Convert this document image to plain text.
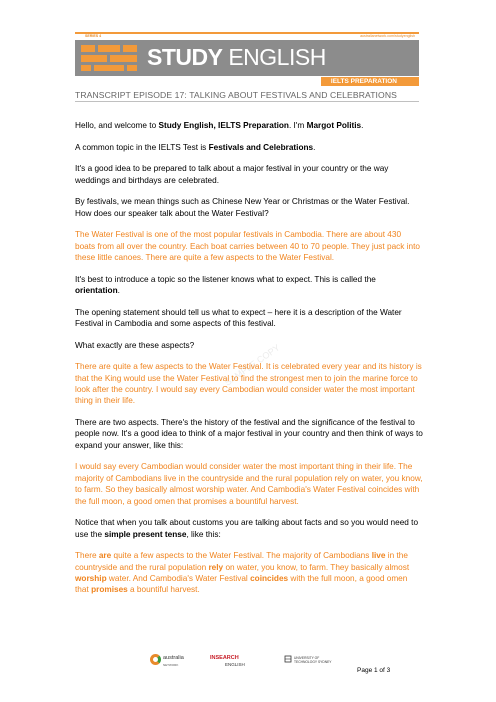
SERIES 4	australianetwork.com/studyenglish
STUDY ENGLISH
IELTS PREPARATION
TRANSCRIPT EPISODE 17: TALKING ABOUT FESTIVALS AND CELEBRATIONS
SAMPLE COPY

Hello, and welcome to Study English, IELTS Preparation. I'm Margot Politis.

A common topic in the IELTS Test is Festivals and Celebrations.

It's a good idea to be prepared to talk about a major festival in your country or the way weddings and birthdays are celebrated.

By festivals, we mean things such as Chinese New Year or Christmas or the Water Festival. How does our speaker talk about the Water Festival?

The Water Festival is one of the most popular festivals in Cambodia. There are about 430 boats from all over the country. Each boat carries between 40 to 70 people. They just pack into these little canoes. There are quite a few aspects to the Water Festival.

It's best to introduce a topic so the listener knows what to expect. This is called the orientation.

The opening statement should tell us what to expect – here it is a description of the Water Festival in Cambodia and some aspects of this festival.

What exactly are these aspects?

There are quite a few aspects to the Water Festival. It is celebrated every year and its history is that the King would use the Water Festival to find the strongest men to join the marine force to look after the country. I would say every Cambodian would consider water the most important thing in their life.

There are two aspects. There's the history of the festival and the significance of the festival to people now. It's a good idea to think of a major festival in your country and then think of ways to expand your answer, like this:

I would say every Cambodian would consider water the most important thing in their life. The majority of Cambodians live in the countryside and the rural population rely on water, you know, to farm. So they basically almost worship water. And Cambodia's Water Festival coincides with the full moon, a good omen that promises a bountiful harvest.

Notice that when you talk about customs you are talking about facts and so you would need to use the simple present tense, like this:

There are quite a few aspects to the Water Festival. The majority of Cambodians live in the countryside and the rural population rely on water, you know, to farm. They basically almost worship water. And Cambodia's Water Festival coincides with the full moon, a good omen that promises a bountiful harvest.

australia
NETWORK
INSEARCH
ENGLISH
UNIVERSITY OF
TECHNOLOGY SYDNEY
Page 1 of 3
